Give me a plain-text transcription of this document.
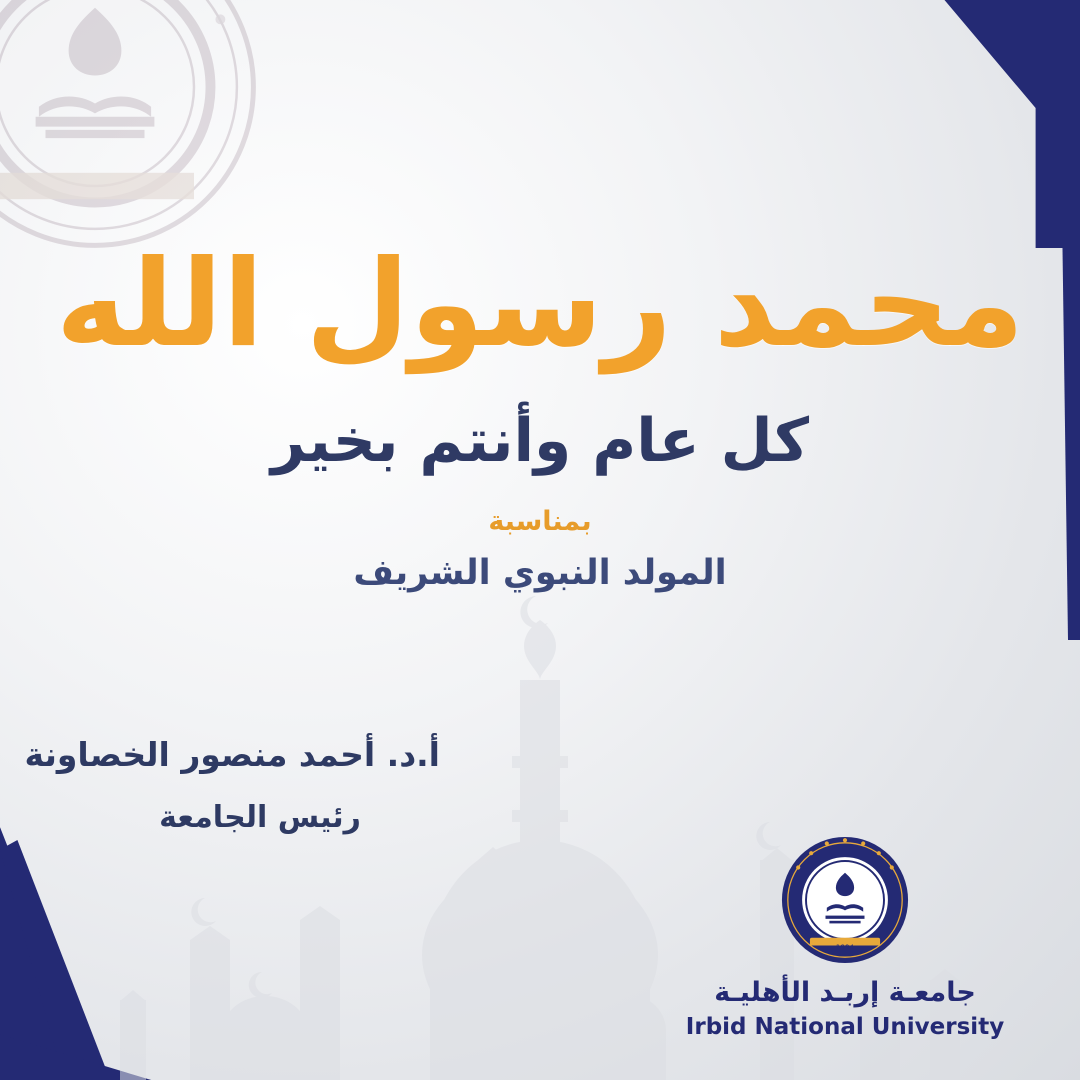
محمد رسول الله
كل عام وأنتم بخير
بمناسبة
المولد النبوي الشريف
أ.د. أحمد منصور الخصاونة
رئيس الجامعة
1994
جامعـة إربـد الأهليـة
Irbid National University
